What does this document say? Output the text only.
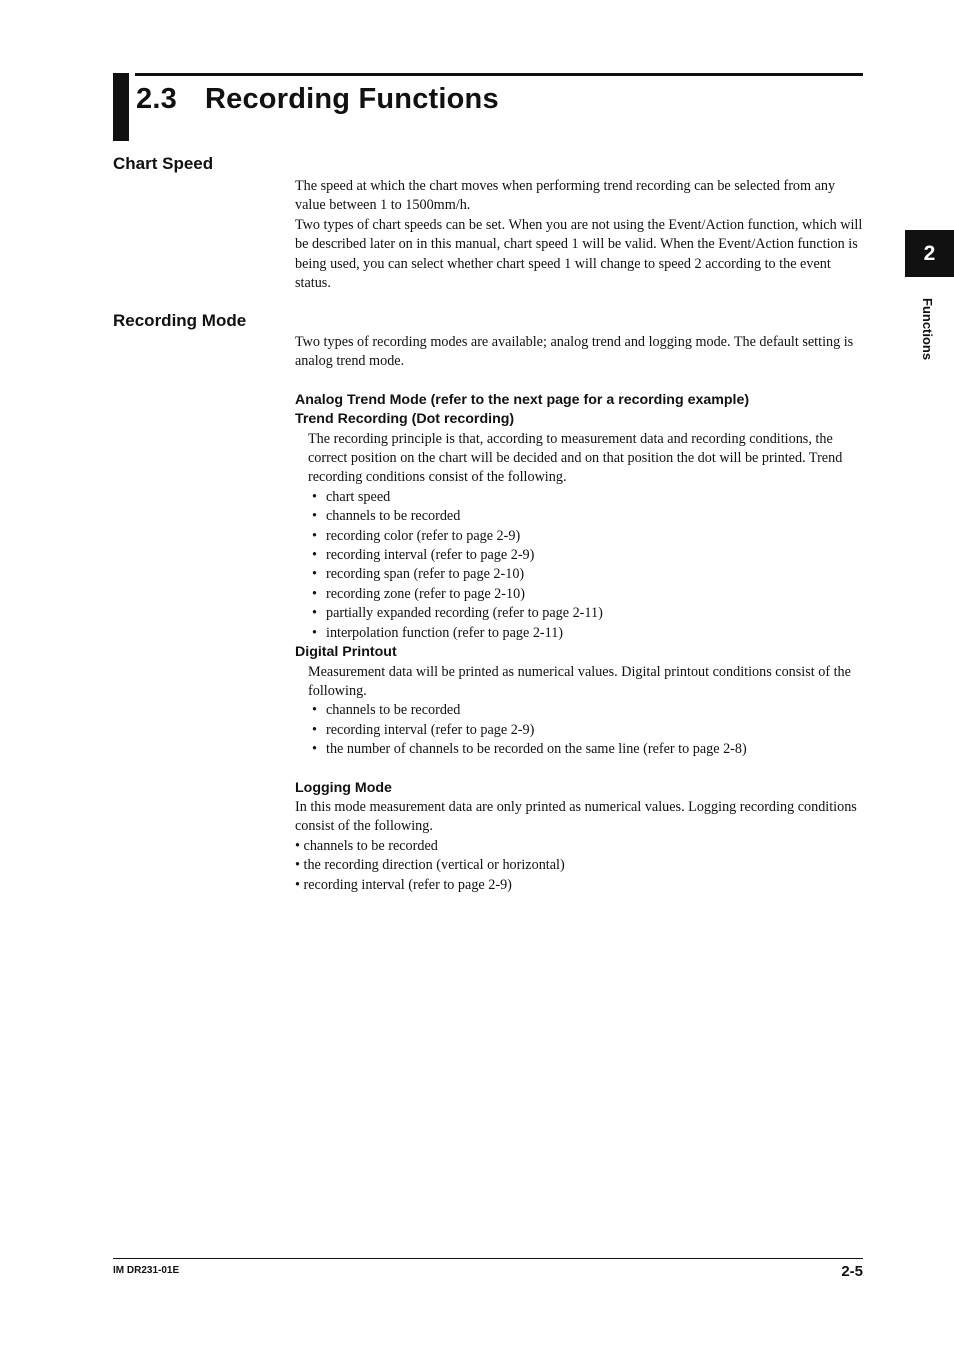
2.3 Recording Functions
2
Functions
Chart Speed

The speed at which the chart moves when performing trend recording can be selected from any value between 1 to 1500mm/h.

Two types of chart speeds can be set. When you are not using the Event/Action function, which will be described later on in this manual, chart speed 1 will be valid. When the Event/Action function is being used, you can select whether chart speed 1 will change to speed 2 according to the event status.

Recording Mode

Two types of recording modes are available; analog trend and logging mode. The default setting is analog trend mode.

Analog Trend Mode (refer to the next page for a recording example)

Trend Recording (Dot recording)

The recording principle is that, according to measurement data and recording conditions, the correct position on the chart will be decided and on that position the dot will be printed. Trend recording conditions consist of the following.

• chart speed
• channels to be recorded
• recording color (refer to page 2-9)
• recording interval (refer to page 2-9)
• recording span (refer to page 2-10)
• recording zone (refer to page 2-10)
• partially expanded recording (refer to page 2-11)
• interpolation function (refer to page 2-11)

Digital Printout

Measurement data will be printed as numerical values. Digital printout conditions consist of the following.

• channels to be recorded
• recording interval (refer to page 2-9)
• the number of channels to be recorded on the same line (refer to page 2-8)

Logging Mode

In this mode measurement data are only printed as numerical values. Logging recording conditions consist of the following.

• channels to be recorded
• the recording direction (vertical or horizontal)
• recording interval (refer to page 2-9)
IM DR231-01E	2-5
